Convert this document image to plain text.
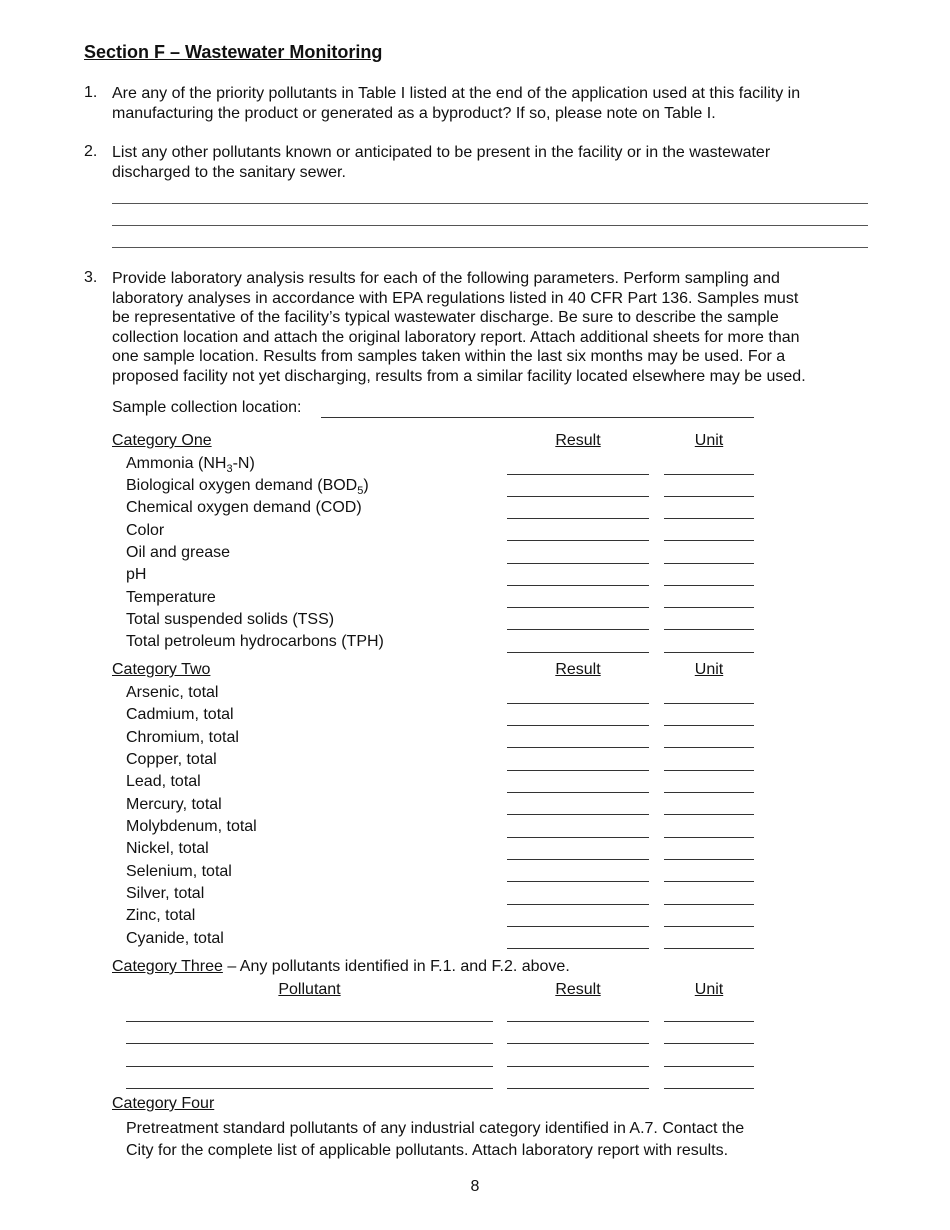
Section F – Wastewater Monitoring
1. Are any of the priority pollutants in Table I listed at the end of the application used at this facility in
manufacturing the product or generated as a byproduct? If so, please note on Table I.
2. List any other pollutants known or anticipated to be present in the facility or in the wastewater
discharged to the sanitary sewer.
3. Provide laboratory analysis results for each of the following parameters. Perform sampling and
laboratory analyses in accordance with EPA regulations listed in 40 CFR Part 136. Samples must
be representative of the facility’s typical wastewater discharge. Be sure to describe the sample
collection location and attach the original laboratory report. Attach additional sheets for more than
one sample location. Results from samples taken within the last six months may be used. For a
proposed facility not yet discharging, results from a similar facility located elsewhere may be used.
Sample collection location:
Category One	Result	Unit
Ammonia $(NH_3-N)$
Biological oxygen demand $(BOD_5)$
Chemical oxygen demand (COD)
Color
Oil and grease
pH
Temperature
Total suspended solids (TSS)
Total petroleum hydrocarbons (TPH)
Category Two	Result	Unit
Arsenic, total
Cadmium, total
Chromium, total
Copper, total
Lead, total
Mercury, total
Molybdenum, total
Nickel, total
Selenium, total
Silver, total
Zinc, total
Cyanide, total
Category Three – Any pollutants identified in F.1. and F.2. above.
Pollutant	Result	Unit
Category Four
Pretreatment standard pollutants of any industrial category identified in A.7. Contact the
City for the complete list of applicable pollutants. Attach laboratory report with results.
8
